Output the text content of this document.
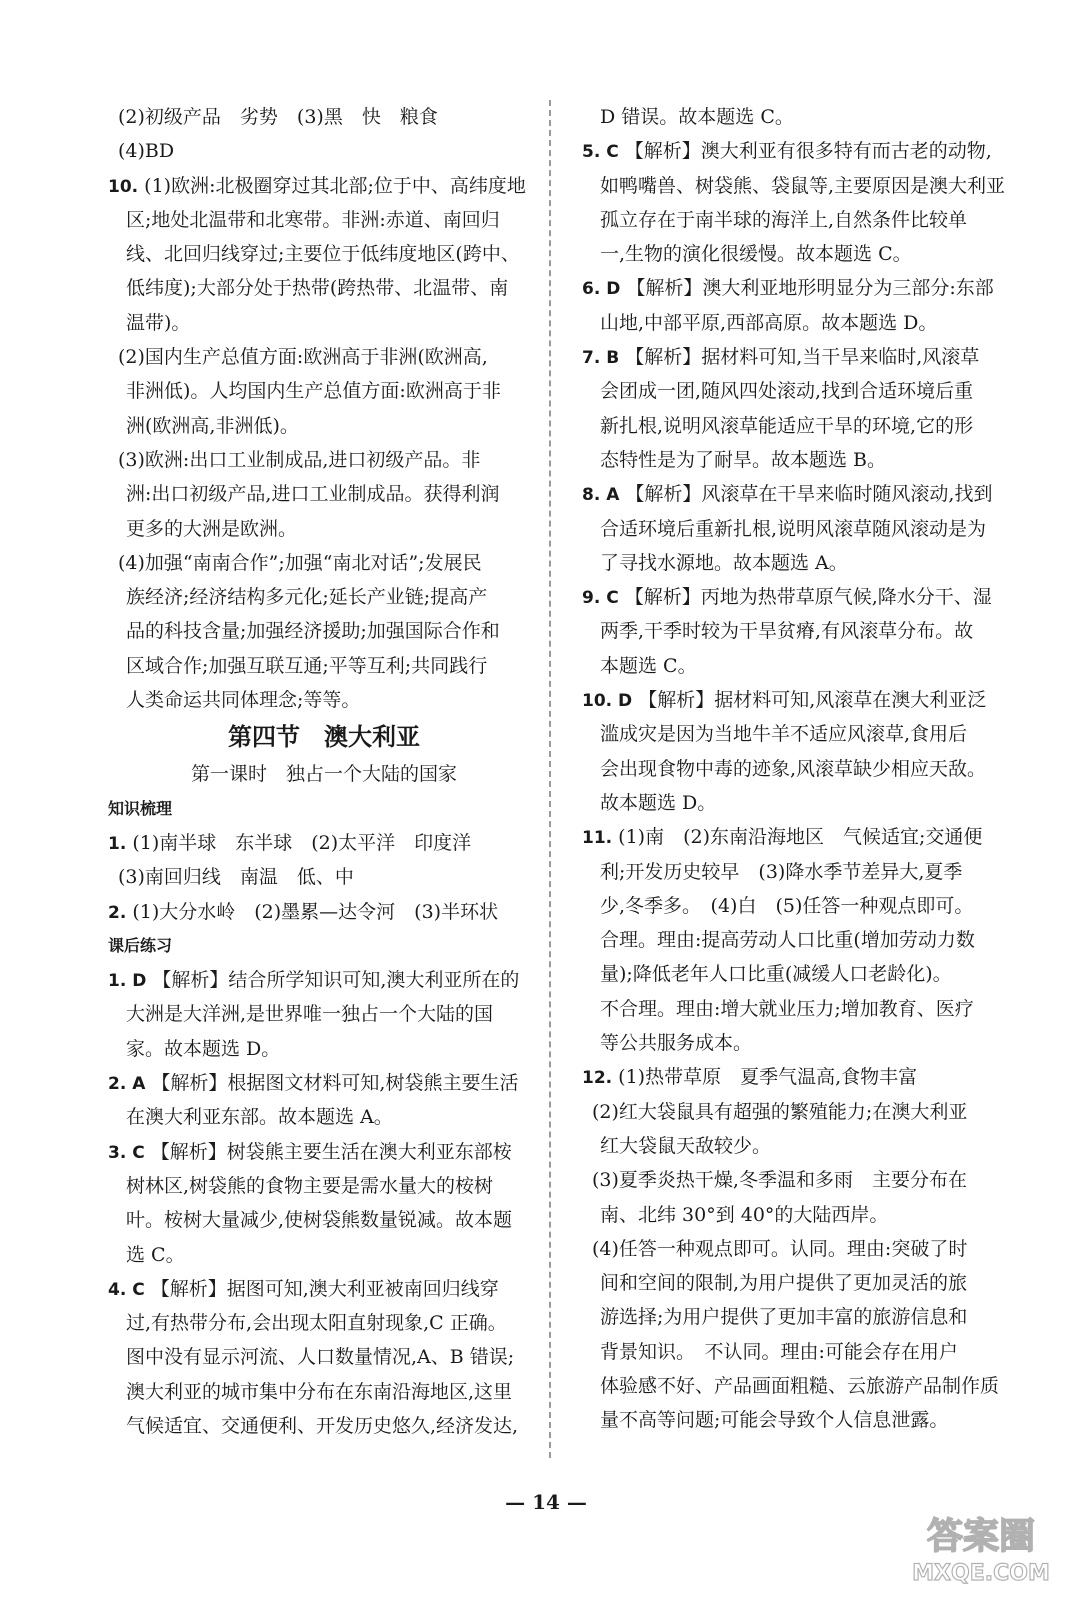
(2)初级产品　劣势　(3)黑　快　粮食
(4)BD
10. (1)欧洲:北极圈穿过其北部;位于中、高纬度地
区;地处北温带和北寒带。非洲:赤道、南回归
线、北回归线穿过;主要位于低纬度地区(跨中、
低纬度);大部分处于热带(跨热带、北温带、南
温带)。
(2)国内生产总值方面:欧洲高于非洲(欧洲高,
非洲低)。人均国内生产总值方面:欧洲高于非
洲(欧洲高,非洲低)。
(3)欧洲:出口工业制成品,进口初级产品。非
洲:出口初级产品,进口工业制成品。获得利润
更多的大洲是欧洲。
(4)加强“南南合作”;加强“南北对话”;发展民
族经济;经济结构多元化;延长产业链;提高产
品的科技含量;加强经济援助;加强国际合作和
区域合作;加强互联互通;平等互利;共同践行
人类命运共同体理念;等等。
第四节　澳大利亚
第一课时　独占一个大陆的国家
知识梳理
1. (1)南半球　东半球　(2)太平洋　印度洋
(3)南回归线　南温　低、中
2. (1)大分水岭　(2)墨累—达令河　(3)半环状
课后练习
1. D 【解析】结合所学知识可知,澳大利亚所在的
大洲是大洋洲,是世界唯一独占一个大陆的国
家。故本题选 D。
2. A 【解析】根据图文材料可知,树袋熊主要生活
在澳大利亚东部。故本题选 A。
3. C 【解析】树袋熊主要生活在澳大利亚东部桉
树林区,树袋熊的食物主要是需水量大的桉树
叶。桉树大量减少,使树袋熊数量锐减。故本题
选 C。
4. C 【解析】据图可知,澳大利亚被南回归线穿
过,有热带分布,会出现太阳直射现象,C 正确。
图中没有显示河流、人口数量情况,A、B 错误;
澳大利亚的城市集中分布在东南沿海地区,这里
气候适宜、交通便利、开发历史悠久,经济发达,
D 错误。故本题选 C。
5. C 【解析】澳大利亚有很多特有而古老的动物,
如鸭嘴兽、树袋熊、袋鼠等,主要原因是澳大利亚
孤立存在于南半球的海洋上,自然条件比较单
一,生物的演化很缓慢。故本题选 C。
6. D 【解析】澳大利亚地形明显分为三部分:东部
山地,中部平原,西部高原。故本题选 D。
7. B 【解析】据材料可知,当干旱来临时,风滚草
会团成一团,随风四处滚动,找到合适环境后重
新扎根,说明风滚草能适应干旱的环境,它的形
态特性是为了耐旱。故本题选 B。
8. A 【解析】风滚草在干旱来临时随风滚动,找到
合适环境后重新扎根,说明风滚草随风滚动是为
了寻找水源地。故本题选 A。
9. C 【解析】丙地为热带草原气候,降水分干、湿
两季,干季时较为干旱贫瘠,有风滚草分布。故
本题选 C。
10. D 【解析】据材料可知,风滚草在澳大利亚泛
滥成灾是因为当地牛羊不适应风滚草,食用后
会出现食物中毒的迹象,风滚草缺少相应天敌。
故本题选 D。
11. (1)南　(2)东南沿海地区　气候适宜;交通便
利;开发历史较早　(3)降水季节差异大,夏季
少,冬季多。　(4)白　(5)任答一种观点即可。
合理。理由:提高劳动人口比重(增加劳动力数
量);降低老年人口比重(减缓人口老龄化)。
不合理。理由:增大就业压力;增加教育、医疗
等公共服务成本。
12. (1)热带草原　夏季气温高,食物丰富
(2)红大袋鼠具有超强的繁殖能力;在澳大利亚
红大袋鼠天敌较少。
(3)夏季炎热干燥,冬季温和多雨　主要分布在
南、北纬 30°到 40°的大陆西岸。
(4)任答一种观点即可。认同。理由:突破了时
间和空间的限制,为用户提供了更加灵活的旅
游选择;为用户提供了更加丰富的旅游信息和
背景知识。　不认同。理由:可能会存在用户
体验感不好、产品画面粗糙、云旅游产品制作质
量不高等问题;可能会导致个人信息泄露。
— 14 —
答案圈
MXQE.COM
